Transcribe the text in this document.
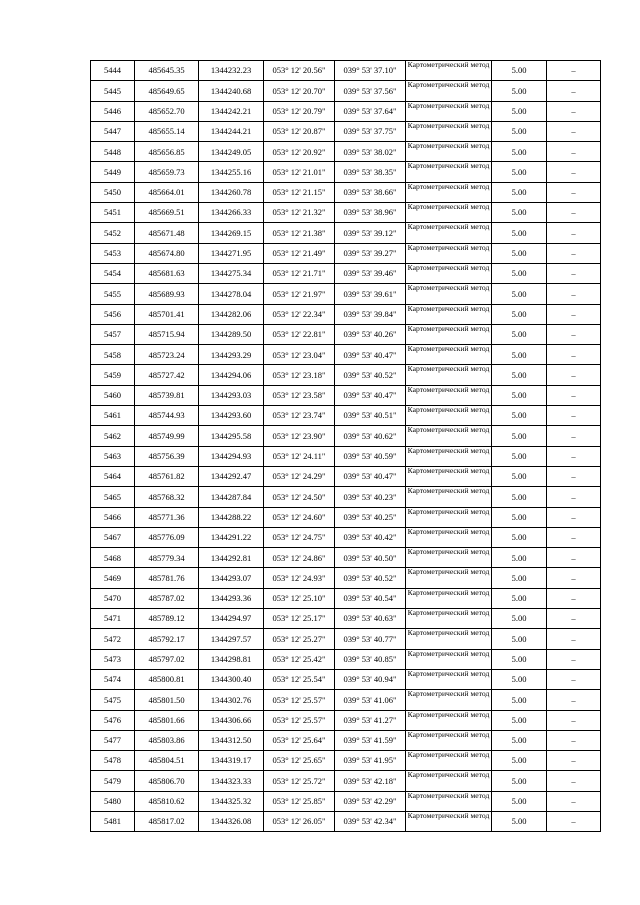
5444	485645.35	1344232.23	053° 12' 20.56"	039° 53' 37.10"	Картометрический метод	5.00	–
5445	485649.65	1344240.68	053° 12' 20.70"	039° 53' 37.56"	Картометрический метод	5.00	–
5446	485652.70	1344242.21	053° 12' 20.79"	039° 53' 37.64"	Картометрический метод	5.00	–
5447	485655.14	1344244.21	053° 12' 20.87"	039° 53' 37.75"	Картометрический метод	5.00	–
5448	485656.85	1344249.05	053° 12' 20.92"	039° 53' 38.02"	Картометрический метод	5.00	–
5449	485659.73	1344255.16	053° 12' 21.01"	039° 53' 38.35"	Картометрический метод	5.00	–
5450	485664.01	1344260.78	053° 12' 21.15"	039° 53' 38.66"	Картометрический метод	5.00	–
5451	485669.51	1344266.33	053° 12' 21.32"	039° 53' 38.96"	Картометрический метод	5.00	–
5452	485671.48	1344269.15	053° 12' 21.38"	039° 53' 39.12"	Картометрический метод	5.00	–
5453	485674.80	1344271.95	053° 12' 21.49"	039° 53' 39.27"	Картометрический метод	5.00	–
5454	485681.63	1344275.34	053° 12' 21.71"	039° 53' 39.46"	Картометрический метод	5.00	–
5455	485689.93	1344278.04	053° 12' 21.97"	039° 53' 39.61"	Картометрический метод	5.00	–
5456	485701.41	1344282.06	053° 12' 22.34"	039° 53' 39.84"	Картометрический метод	5.00	–
5457	485715.94	1344289.50	053° 12' 22.81"	039° 53' 40.26"	Картометрический метод	5.00	–
5458	485723.24	1344293.29	053° 12' 23.04"	039° 53' 40.47"	Картометрический метод	5.00	–
5459	485727.42	1344294.06	053° 12' 23.18"	039° 53' 40.52"	Картометрический метод	5.00	–
5460	485739.81	1344293.03	053° 12' 23.58"	039° 53' 40.47"	Картометрический метод	5.00	–
5461	485744.93	1344293.60	053° 12' 23.74"	039° 53' 40.51"	Картометрический метод	5.00	–
5462	485749.99	1344295.58	053° 12' 23.90"	039° 53' 40.62"	Картометрический метод	5.00	–
5463	485756.39	1344294.93	053° 12' 24.11"	039° 53' 40.59"	Картометрический метод	5.00	–
5464	485761.82	1344292.47	053° 12' 24.29"	039° 53' 40.47"	Картометрический метод	5.00	–
5465	485768.32	1344287.84	053° 12' 24.50"	039° 53' 40.23"	Картометрический метод	5.00	–
5466	485771.36	1344288.22	053° 12' 24.60"	039° 53' 40.25"	Картометрический метод	5.00	–
5467	485776.09	1344291.22	053° 12' 24.75"	039° 53' 40.42"	Картометрический метод	5.00	–
5468	485779.34	1344292.81	053° 12' 24.86"	039° 53' 40.50"	Картометрический метод	5.00	–
5469	485781.76	1344293.07	053° 12' 24.93"	039° 53' 40.52"	Картометрический метод	5.00	–
5470	485787.02	1344293.36	053° 12' 25.10"	039° 53' 40.54"	Картометрический метод	5.00	–
5471	485789.12	1344294.97	053° 12' 25.17"	039° 53' 40.63"	Картометрический метод	5.00	–
5472	485792.17	1344297.57	053° 12' 25.27"	039° 53' 40.77"	Картометрический метод	5.00	–
5473	485797.02	1344298.81	053° 12' 25.42"	039° 53' 40.85"	Картометрический метод	5.00	–
5474	485800.81	1344300.40	053° 12' 25.54"	039° 53' 40.94"	Картометрический метод	5.00	–
5475	485801.50	1344302.76	053° 12' 25.57"	039° 53' 41.06"	Картометрический метод	5.00	–
5476	485801.66	1344306.66	053° 12' 25.57"	039° 53' 41.27"	Картометрический метод	5.00	–
5477	485803.86	1344312.50	053° 12' 25.64"	039° 53' 41.59"	Картометрический метод	5.00	–
5478	485804.51	1344319.17	053° 12' 25.65"	039° 53' 41.95"	Картометрический метод	5.00	–
5479	485806.70	1344323.33	053° 12' 25.72"	039° 53' 42.18"	Картометрический метод	5.00	–
5480	485810.62	1344325.32	053° 12' 25.85"	039° 53' 42.29"	Картометрический метод	5.00	–
5481	485817.02	1344326.08	053° 12' 26.05"	039° 53' 42.34"	Картометрический метод	5.00	–
